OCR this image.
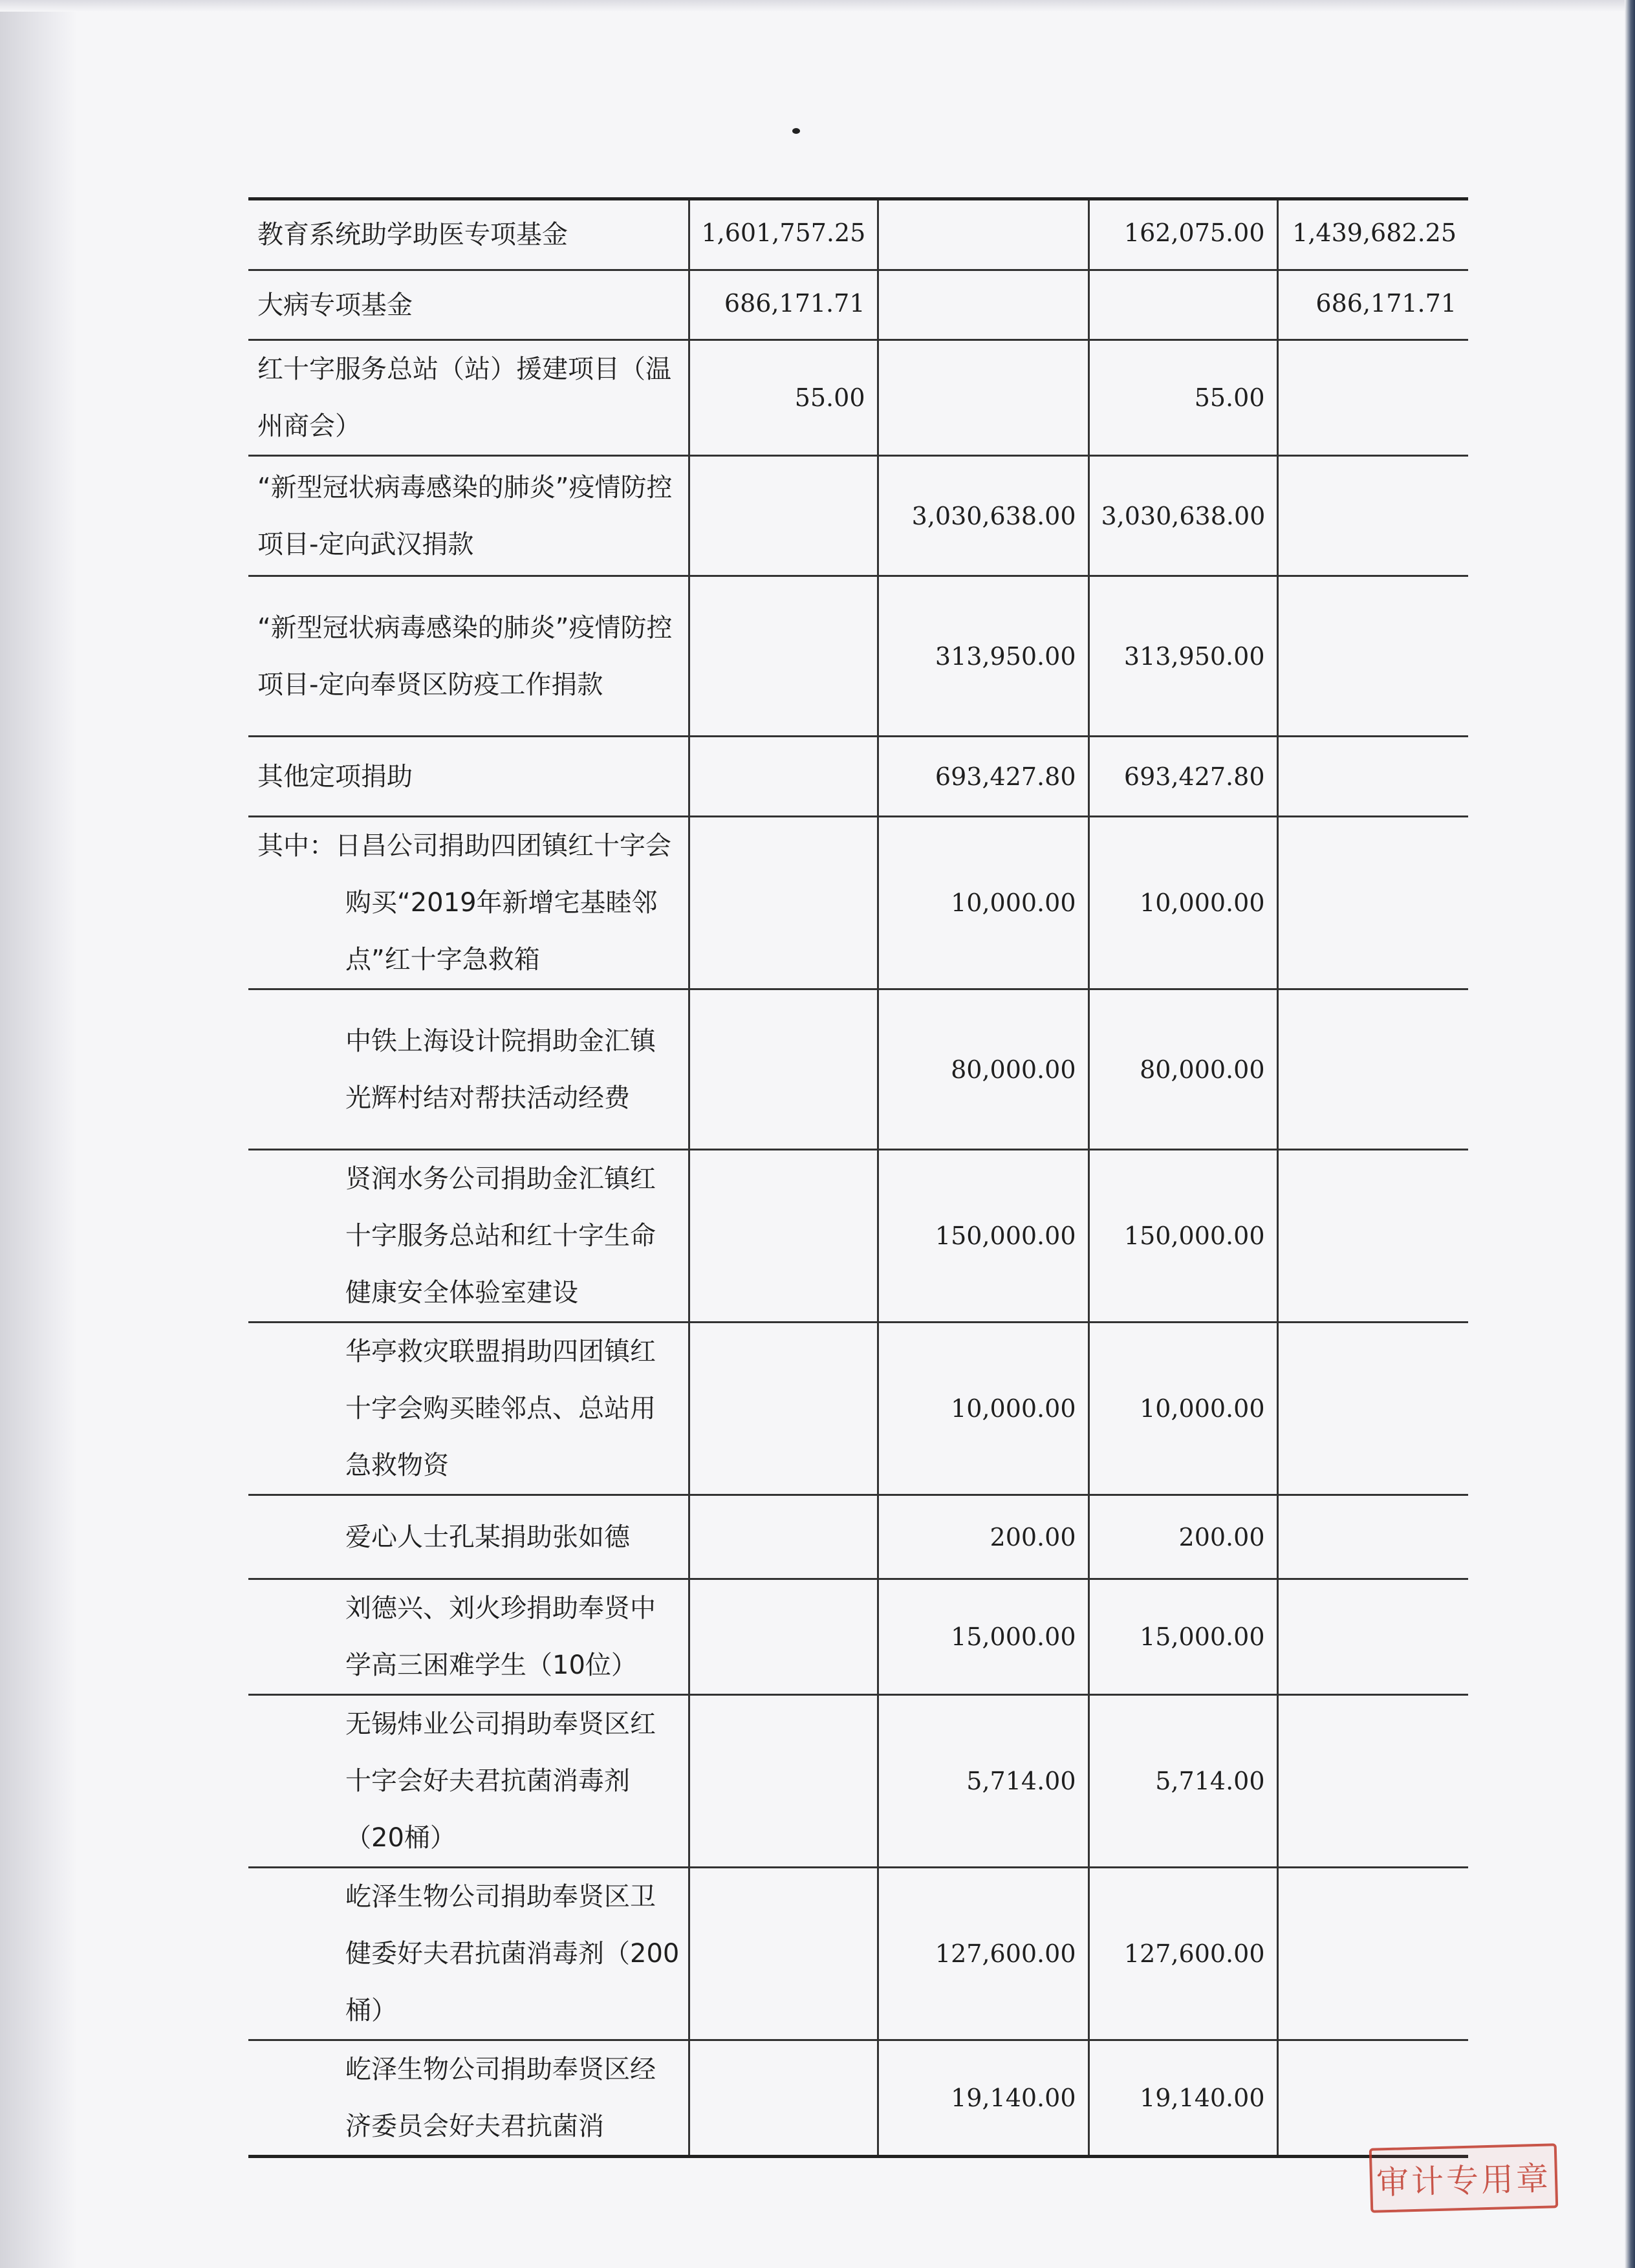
教育系统助学助医专项基金	1,601,757.25		162,075.00	1,439,682.25
大病专项基金	686,171.71			686,171.71
红十字服务总站（站）援建项目（温州商会）	55.00		55.00	
“新型冠状病毒感染的肺炎”疫情防控项目-定向武汉捐款		3,030,638.00	3,030,638.00	
“新型冠状病毒感染的肺炎”疫情防控项目-定向奉贤区防疫工作捐款		313,950.00	313,950.00	
其他定项捐助		693,427.80	693,427.80	
其中：日昌公司捐助四团镇红十字会购买“2019年新增宅基睦邻点”红十字急救箱		10,000.00	10,000.00	
中铁上海设计院捐助金汇镇光辉村结对帮扶活动经费		80,000.00	80,000.00	
贤润水务公司捐助金汇镇红十字服务总站和红十字生命健康安全体验室建设		150,000.00	150,000.00	
华亭救灾联盟捐助四团镇红十字会购买睦邻点、总站用急救物资		10,000.00	10,000.00	
爱心人士孔某捐助张如德		200.00	200.00	
刘德兴、刘火珍捐助奉贤中学高三困难学生（10位）		15,000.00	15,000.00	
无锡炜业公司捐助奉贤区红十字会好夫君抗菌消毒剂（20桶）		5,714.00	5,714.00	
屹泽生物公司捐助奉贤区卫健委好夫君抗菌消毒剂（200桶）		127,600.00	127,600.00	
屹泽生物公司捐助奉贤区经济委员会好夫君抗菌消		19,140.00	19,140.00	
审计专用章
